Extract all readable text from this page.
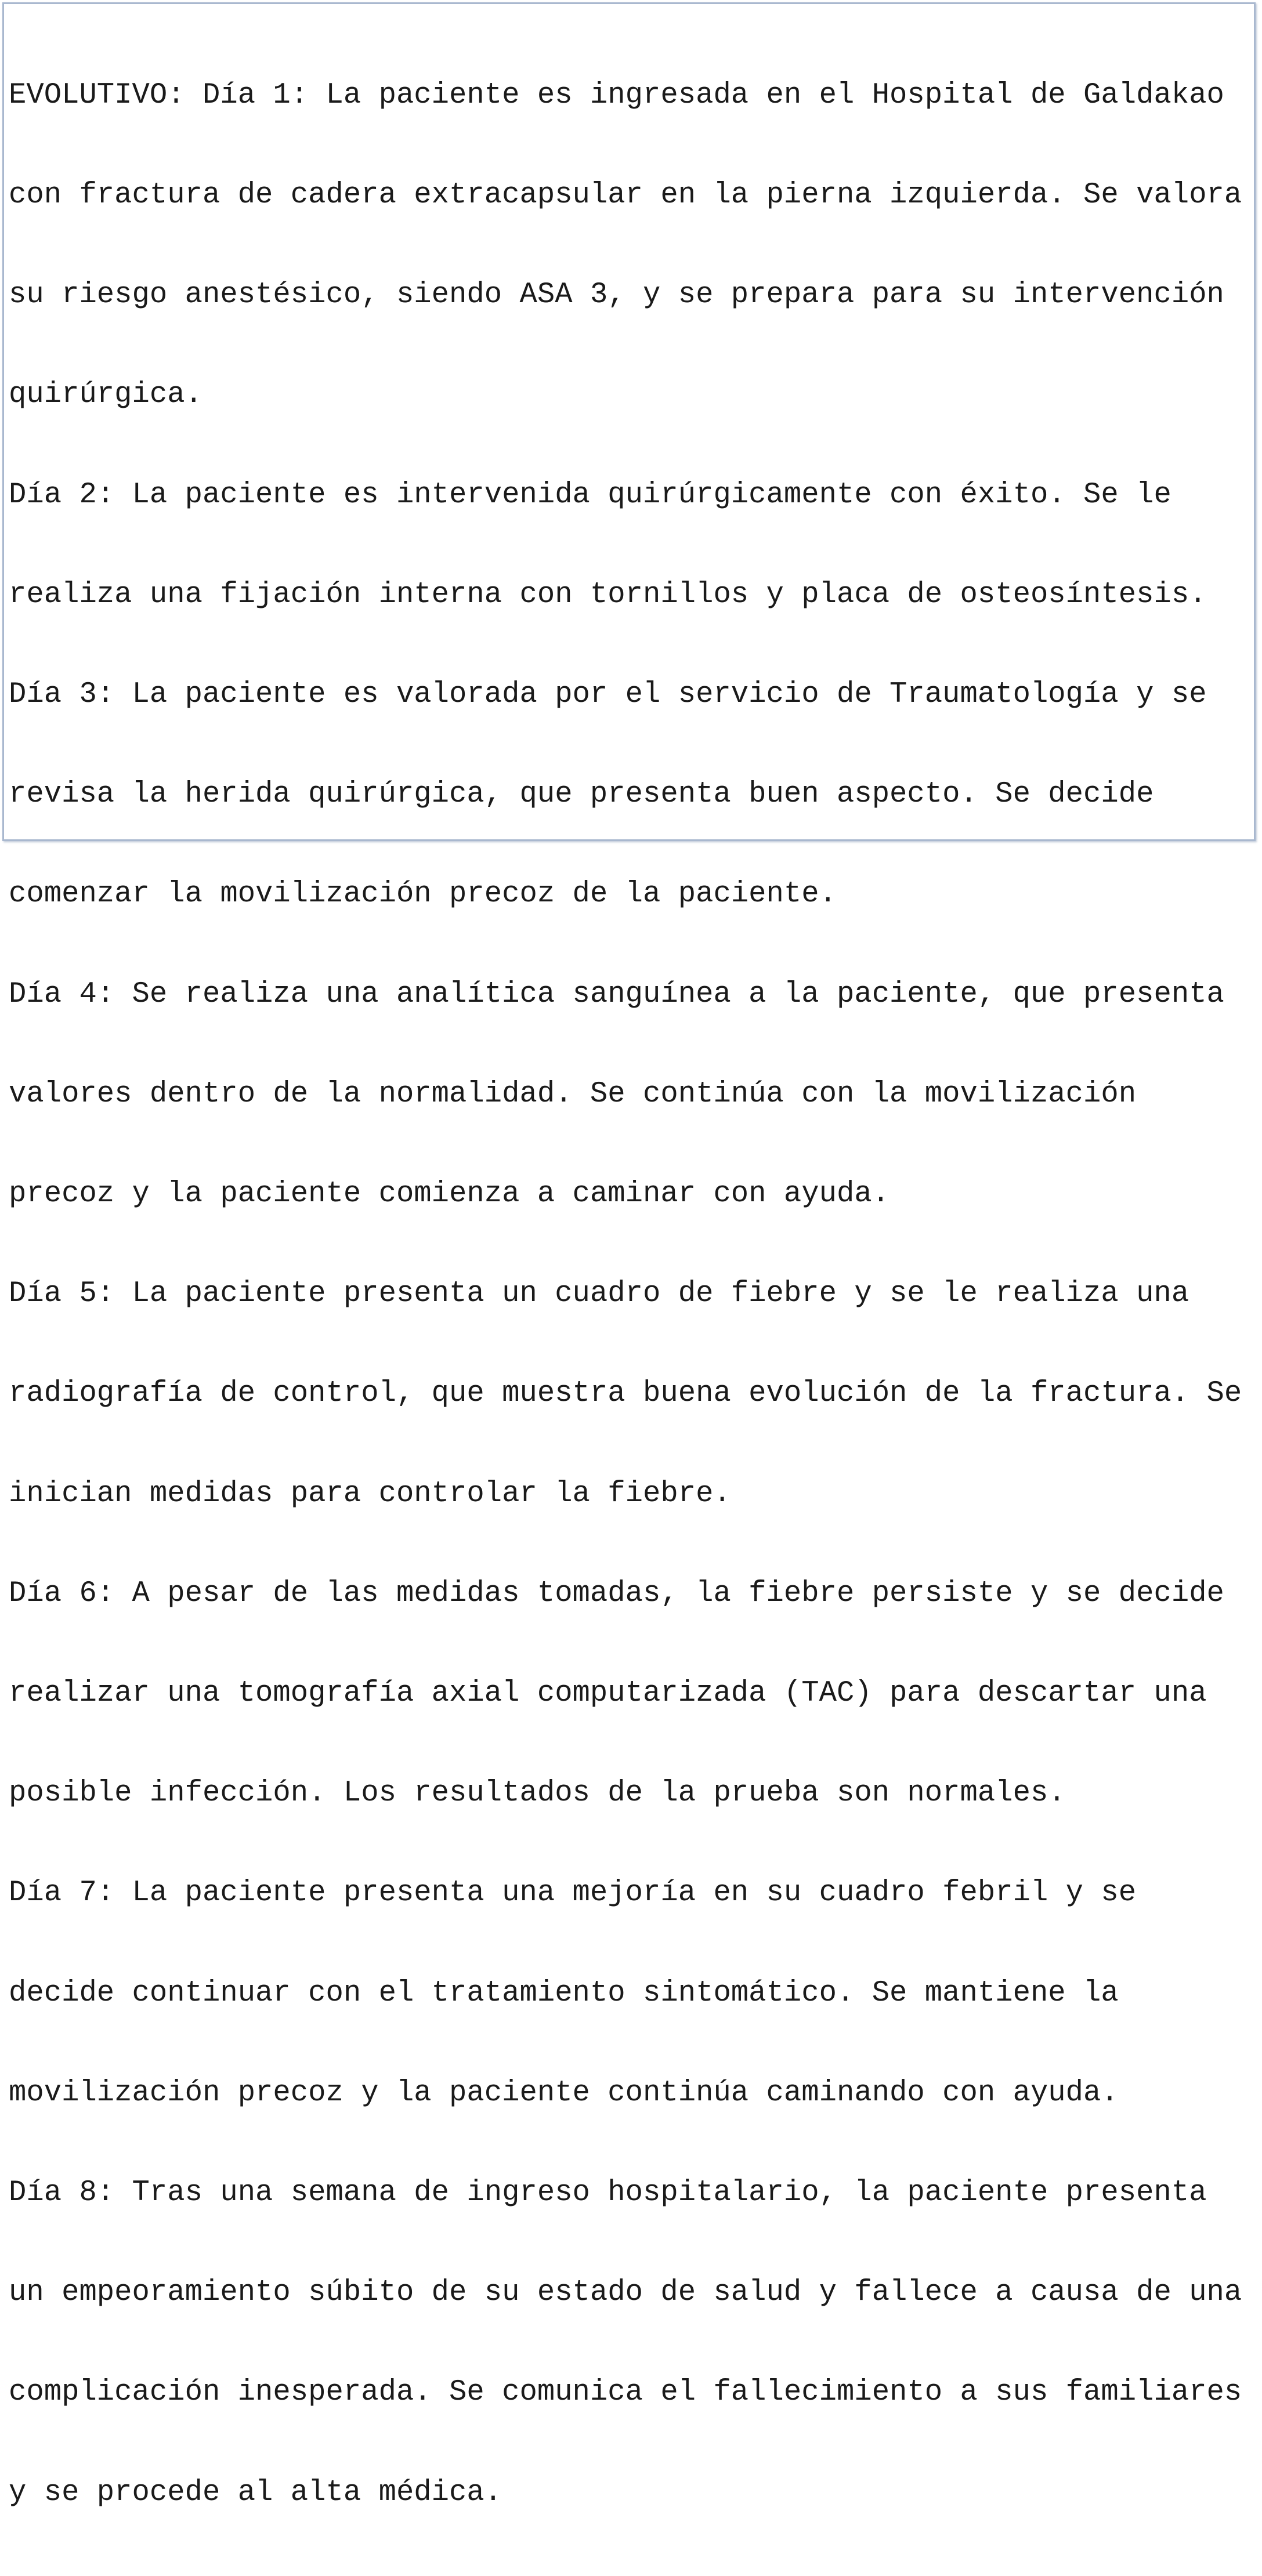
EVOLUTIVO: Día 1: La paciente es ingresada en el Hospital de Galdakao

con fractura de cadera extracapsular en la pierna izquierda. Se valora

su riesgo anestésico, siendo ASA 3, y se prepara para su intervención

quirúrgica.

Día 2: La paciente es intervenida quirúrgicamente con éxito. Se le

realiza una fijación interna con tornillos y placa de osteosíntesis.

Día 3: La paciente es valorada por el servicio de Traumatología y se

revisa la herida quirúrgica, que presenta buen aspecto. Se decide

comenzar la movilización precoz de la paciente.

Día 4: Se realiza una analítica sanguínea a la paciente, que presenta

valores dentro de la normalidad. Se continúa con la movilización

precoz y la paciente comienza a caminar con ayuda.

Día 5: La paciente presenta un cuadro de fiebre y se le realiza una

radiografía de control, que muestra buena evolución de la fractura. Se

inician medidas para controlar la fiebre.

Día 6: A pesar de las medidas tomadas, la fiebre persiste y se decide

realizar una tomografía axial computarizada (TAC) para descartar una

posible infección. Los resultados de la prueba son normales.

Día 7: La paciente presenta una mejoría en su cuadro febril y se

decide continuar con el tratamiento sintomático. Se mantiene la

movilización precoz y la paciente continúa caminando con ayuda.

Día 8: Tras una semana de ingreso hospitalario, la paciente presenta

un empeoramiento súbito de su estado de salud y fallece a causa de una

complicación inesperada. Se comunica el fallecimiento a sus familiares

y se procede al alta médica.
